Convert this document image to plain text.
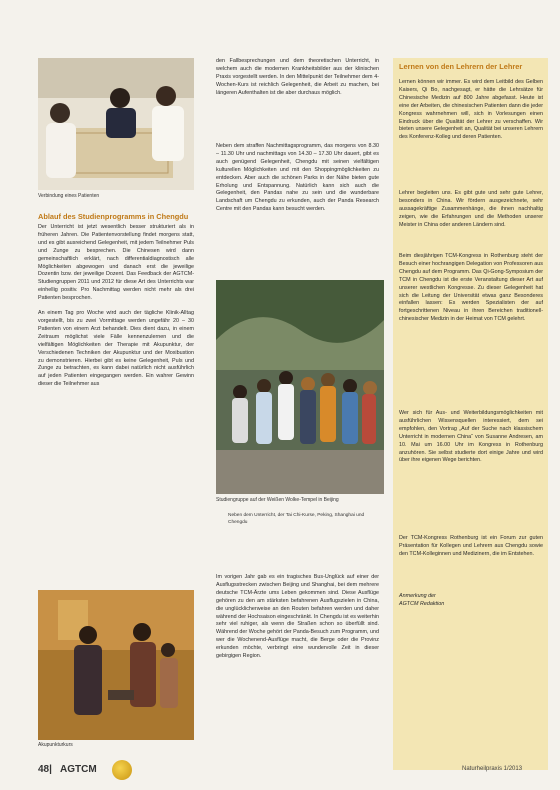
Verbindung eines Patienten
Ablauf des Studienprogramms in Chengdu

Der Unterricht ist jetzt wesentlich besser strukturiert als in früheren Jahren. Die Patientenvorstellung findet morgens statt, und es gibt ausreichend Gelegenheit, mit jedem Teilnehmer Puls und Zunge zu besprechen. Die Chinesen wird dann gemeinschaftlich erklärt, nach differentialdiagnostisch alle Möglichkeiten abgewogen und danach erst die jeweilige Dozentin bzw. der jeweilige Dozent. Das Feedback der AGTCM-Studiengruppen 2011 und 2012 für diese Art des Unterrichts war einhellig positiv. Pro Nachmittag werden nicht mehr als drei Patienten besprochen.

An einem Tag pro Woche wird auch der tägliche Klinik-Alltag vorgestellt, bis zu zwei Vormittage werden ungefähr 20 – 30 Patienten von einem Arzt behandelt. Dies dient dazu, in einem Zeitraum möglichst viele Fälle kennenzulernen und die vielfältigen Möglichkeiten der Therapie mit Akupunktur, der Verschiedenen Techniken der Akupunktur und der Moxibustion zu demonstrieren. Hierbei gibt es keine Gelegenheit, Puls und Zunge zu betrachten, es kann dabei natürlich nicht ausführlich auf jeden Patienten eingegangen werden. Ein wahrer Gewinn dieser die Teilnehmer aus

Akupunkturkurs

den Fallbesprechungen und dem theoretischen Unterricht, in welchem auch die modernen Krankheitsbilder aus der klinischen Praxis vorgestellt werden. In den Mittelpunkt der Teilnehmer dem 4-Wochen-Kurs ist reichlich Gelegenheit, die Arbeit zu machen, bei längeren Aufenthalten ist die aber durchaus möglich.

Neben dem straffen Nachmittagsprogramm, das morgens von 8.30 – 11.30 Uhr und nachmittags von 14.30 – 17.30 Uhr dauert, gibt es auch genügend Gelegenheit, Chengdu mit seinen vielfältigen kulturellen Möglichkeiten und mit den Shoppingmöglichkeiten zu entdecken. Aber auch die schönen Parks in der Nähe bieten gute Erholung und Entspannung. Natürlich kann sich auch die Gelegenheit, den Pandas nahe zu sein und die wunderbare Landschaft um Chengdu zu erkunden, auch der Panda Research Centre mit den Pandas kann besucht werden.

Studiengruppe auf der Weißen Wolke-Tempel in Beijing
Neben dem Unterricht, der Tai Chi-Kurse, Peking, Shanghai und Chengdu

Im vorigen Jahr gab es ein tragisches Bus-Unglück auf einer der Ausflugsstrecken zwischen Beijing und Shanghai, bei dem mehrere deutsche TCM-Ärzte ums Leben gekommen sind. Diese Ausflüge gehören zu den am stärksten befahrenen Ausflugszielen in China, die unglücklicherweise an den Routen befahren werden und daher während der Hochsaison eingeschränkt. In Chengdu ist es weiterhin sehr viel ruhiger, als wenn die Straßen schon so überfüllt sind. Während der Woche gehört der Panda-Besuch zum Programm, und wer die Wochenend-Ausflüge macht, die Berge oder die Provinz erkunden möchte, verbringt eine wundervolle Zeit in dieser gebirgigen Region.

Lernen von den Lehrern der Lehrer

Lernen können wir immer. Es wird dem Leitbild des Gelben Kaisers, Qi Bo, nachgesagt, er hätte die Lehrsätze für Chinesische Medizin auf 800 Jahre abgefasst. Heute ist eine der Arbeiten, die chinesischen Patienten dann die jeder Kongress wahrnehmen will, sich in Vorlesungen einen Eindruck über die Qualität der Lehrer zu verschaffen. Wir bieten unsere Gelegenheit an, Qualität bei unseren Lehrern des Konferenz-Kolleg und deren Patienten.

Lehrer begleiten uns. Es gibt gute und sehr gute Lehrer, besonders in China. Wir fördern ausgezeichnete, sehr aussagekräftige Zusammenhänge, die ihnen nachhaltig zeigen, wie die Erfahrungen und die Methoden unserer Meister in China oder anderen Ländern sind.

Beim diesjährigen TCM-Kongress in Rothenburg steht der Besuch einer hochrangigen Delegation von Professoren aus Chengdu auf dem Programm. Das Qi-Gong-Symposium der TCM in Chengdu ist die erste Veranstaltung dieser Art auf unserer westlichen Kongresse. Zu dieser Gelegenheit hat sich die Leitung der Universität etwas ganz Besonderes einfallen lassen: Es werden Spezialisten der auf fortgeschrittenen Niveau in ihren Bereichen traditionell-chinesischer Medizin in der Heimat von TCM gelehrt.

Wer sich für Aus- und Weiterbildungsmöglichkeiten mit ausführlichen Wissensquellen interessiert, dem sei empfohlen, den Vortrag „Auf der Suche nach klassischem Unterricht in modernen China“ von Susanne Andresen, am 10. Mai um 16.00 Uhr im Kongress in Rothenburg anzuhören. Sie selbst studierte dort einige Jahre und wird über ihre eigenen Wege berichten.

Der TCM-Kongress Rothenburg ist ein Forum zur guten Präsentation für Kollegen und Lehrern aus Chengdu sowie den TCM-Kolleginnen und Medizinern, die im Entstehen.

Anmerkung der
AGTCM Redaktion
48| AGTCM	Naturheilpraxis 1/2013
